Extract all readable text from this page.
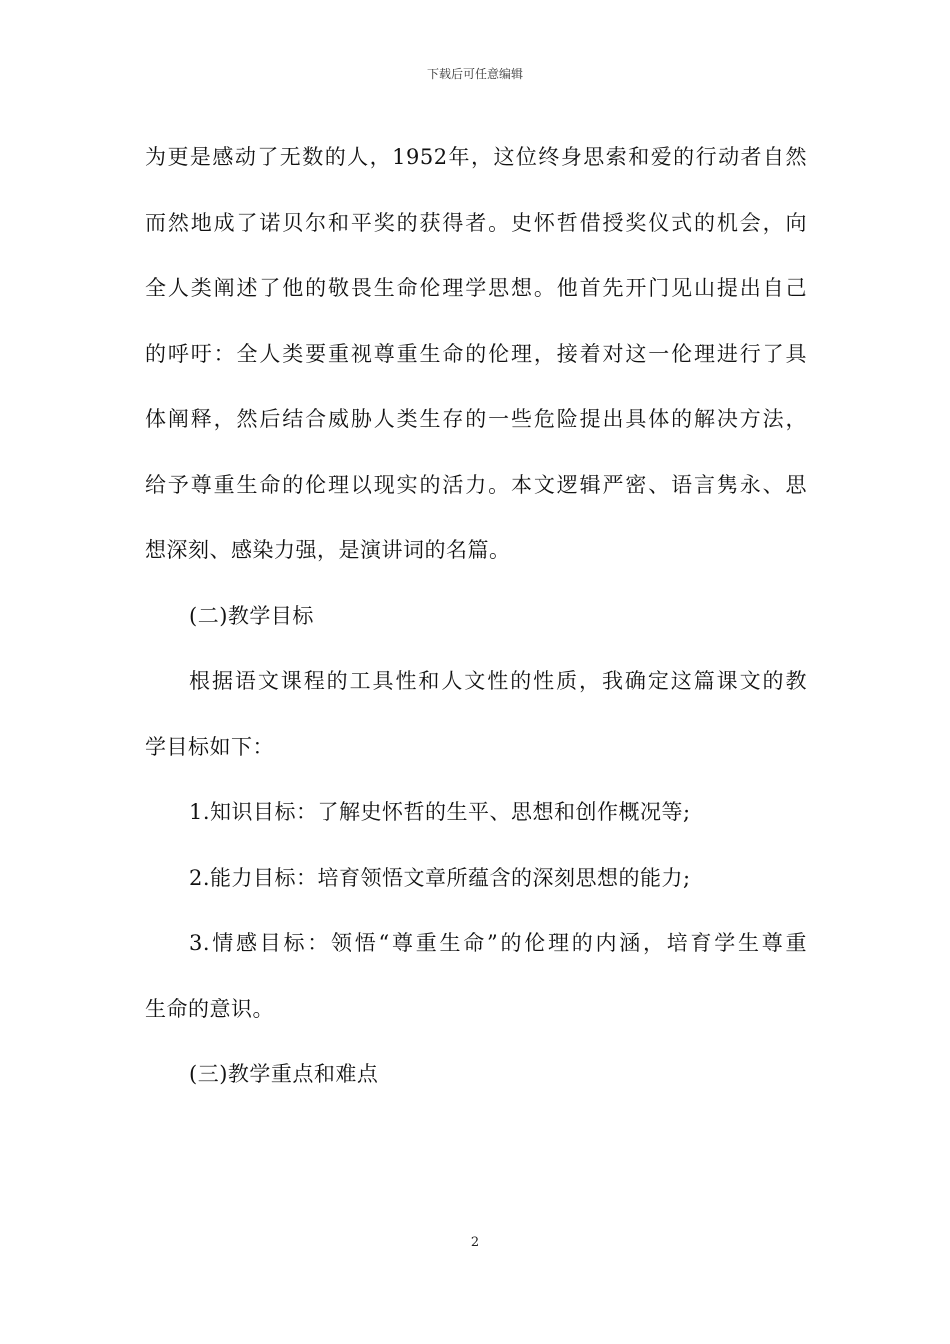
下载后可任意编辑
为更是感动了无数的人，1952年，这位终身思索和爱的行动者自然
而然地成了诺贝尔和平奖的获得者。史怀哲借授奖仪式的机会，向
全人类阐述了他的敬畏生命伦理学思想。他首先开门见山提出自己
的呼吁：全人类要重视尊重生命的伦理，接着对这一伦理进行了具
体阐释，然后结合威胁人类生存的一些危险提出具体的解决方法，
给予尊重生命的伦理以现实的活力。本文逻辑严密、语言隽永、思
想深刻、感染力强，是演讲词的名篇。
(二)教学目标
根据语文课程的工具性和人文性的性质，我确定这篇课文的教
学目标如下：
1.知识目标：了解史怀哲的生平、思想和创作概况等;
2.能力目标：培育领悟文章所蕴含的深刻思想的能力;
3.情感目标：领悟“尊重生命”的伦理的内涵，培育学生尊重
生命的意识。
(三)教学重点和难点
2
